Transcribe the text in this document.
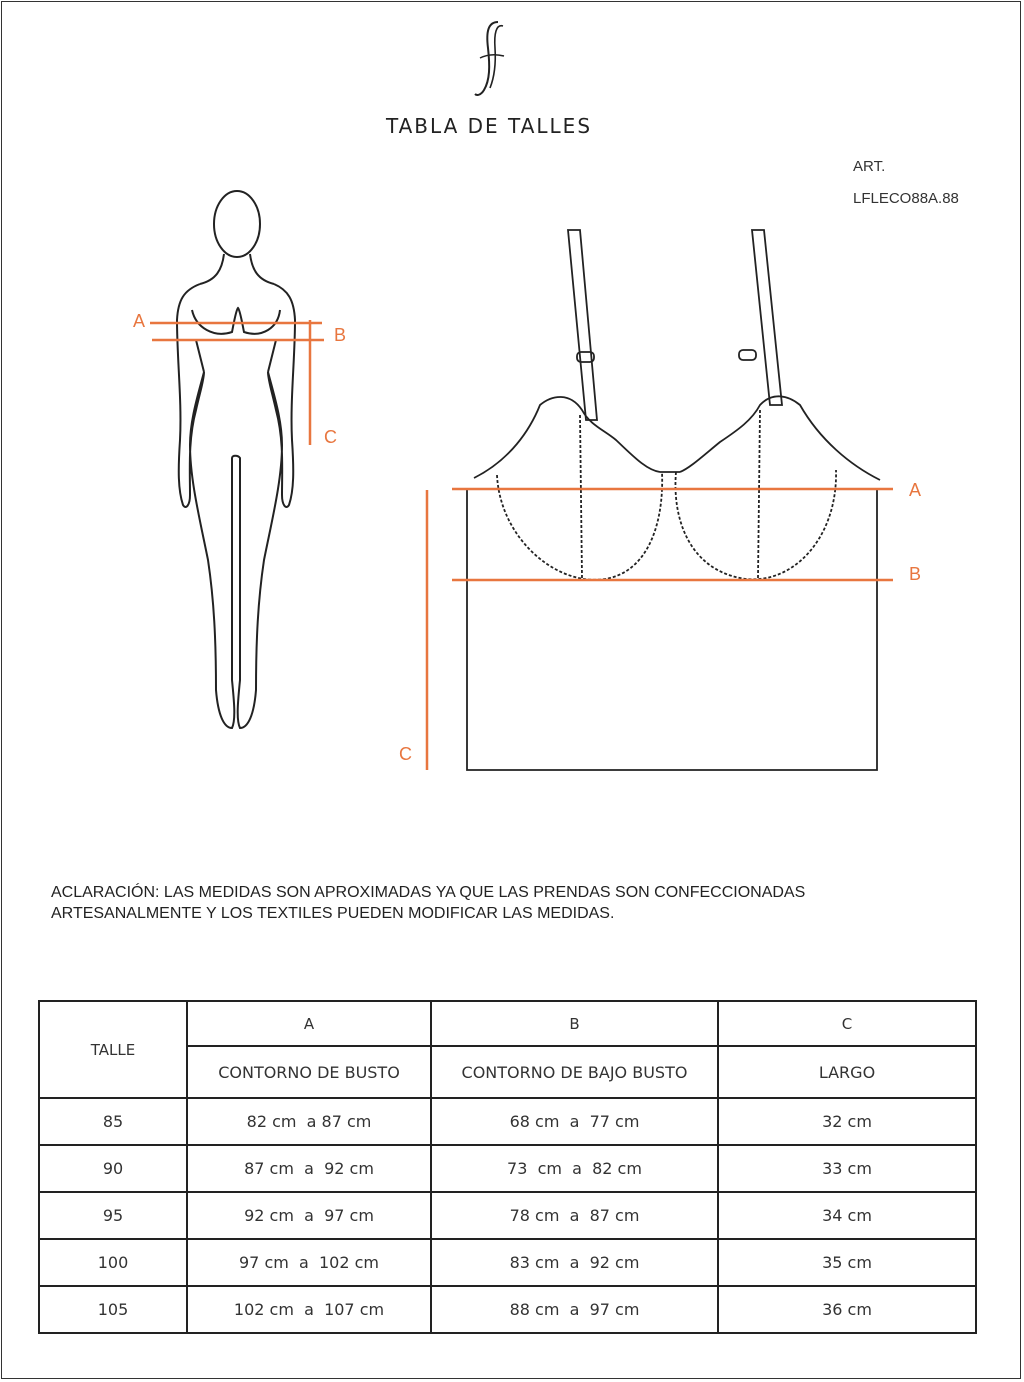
TABLA DE TALLES
ART.
LFLECO88A.88
A
B
C
A
B
C
ACLARACIÓN: LAS MEDIDAS SON APROXIMADAS YA QUE LAS PRENDAS SON CONFECCIONADAS
ARTESANALMENTE Y LOS TEXTILES PUEDEN MODIFICAR LAS MEDIDAS.
TALLE	A	B	C
	CONTORNO DE BUSTO	CONTORNO DE BAJO BUSTO	LARGO
85	82 cm  a 87 cm	68 cm  a  77 cm	32 cm
90	87 cm  a  92 cm	73  cm  a  82 cm	33 cm
95	92 cm  a  97 cm	78 cm  a  87 cm	34 cm
100	97 cm  a  102 cm	83 cm  a  92 cm	35 cm
105	102 cm  a  107 cm	88 cm  a  97 cm	36 cm
